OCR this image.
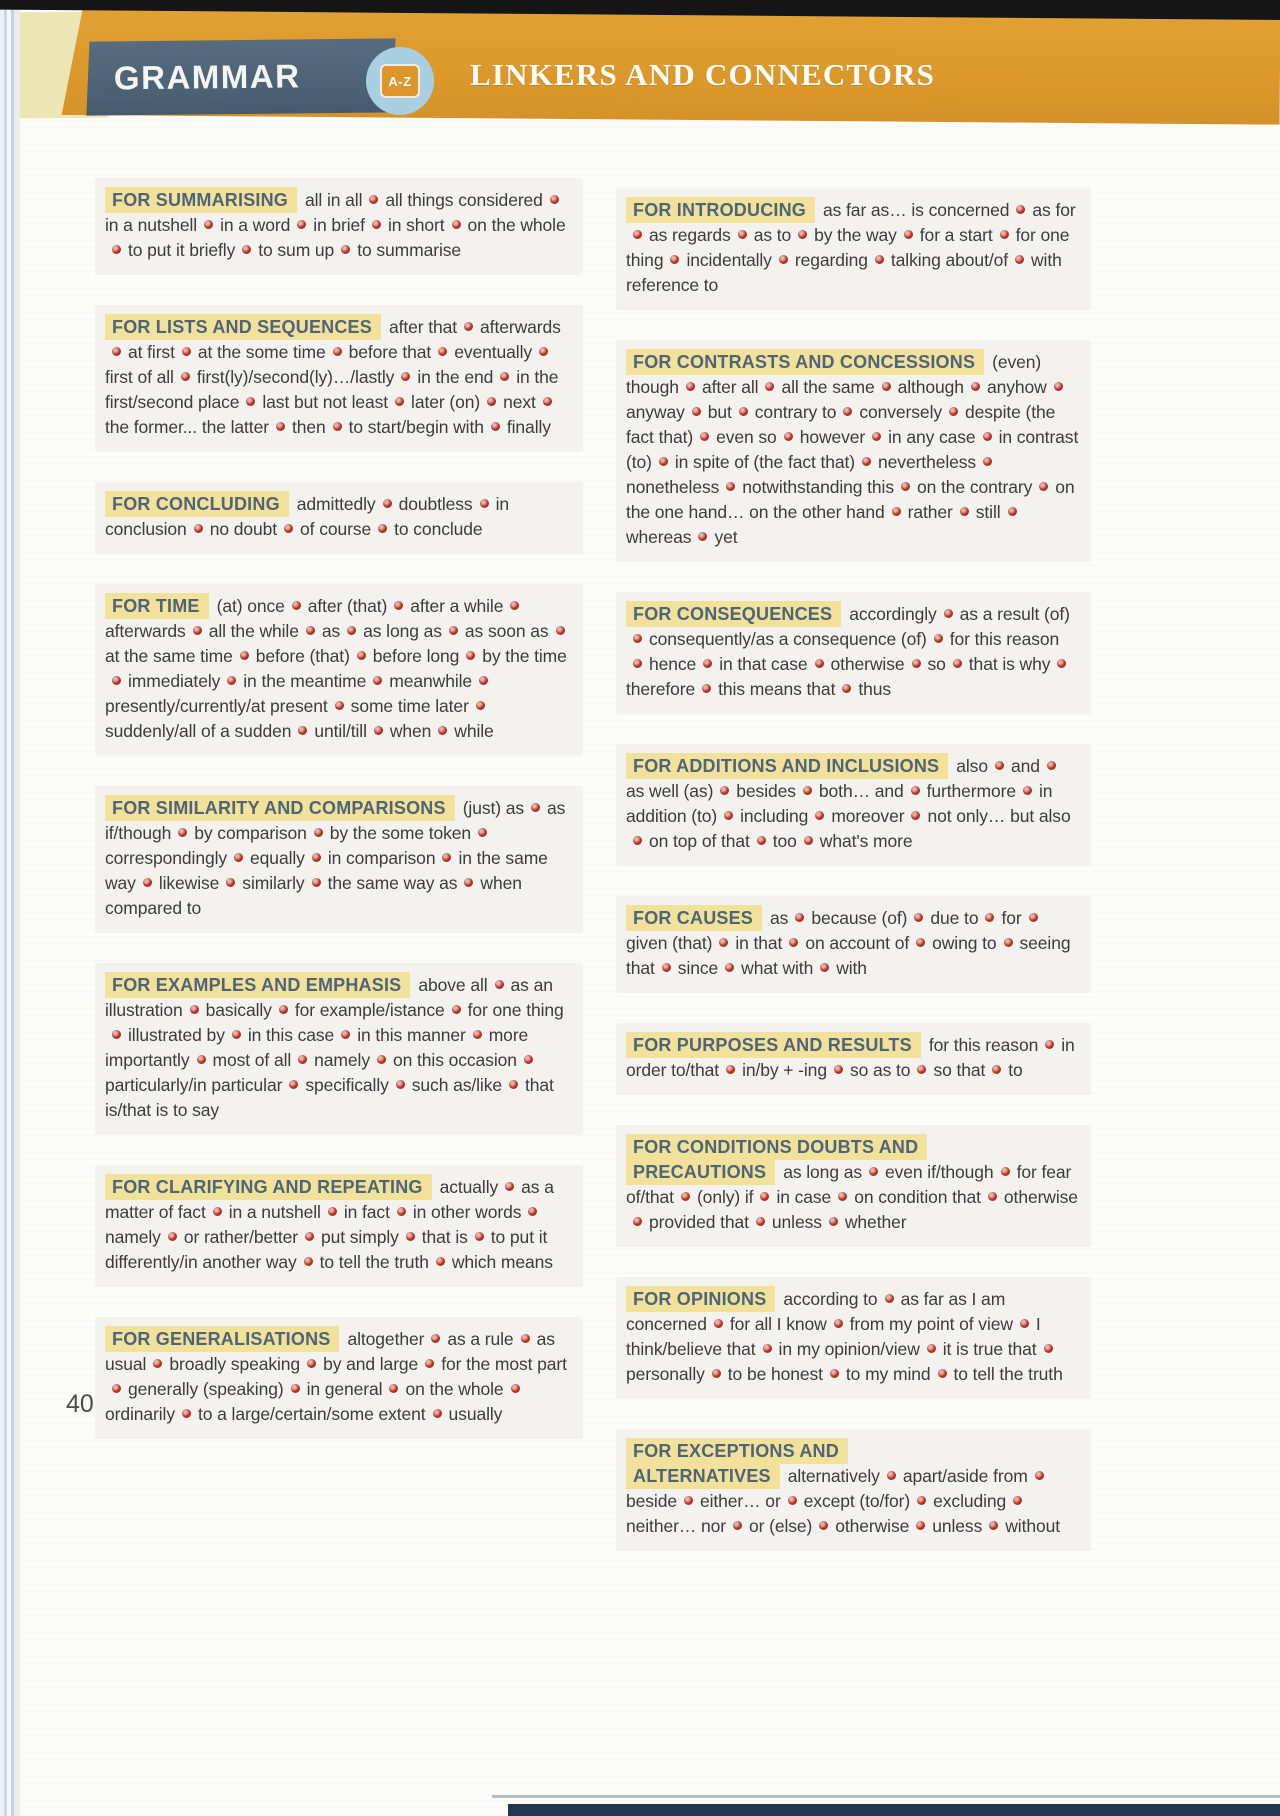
GRAMMAR	A-Z LINKERS AND CONNECTORS

FOR SUMMARISING all in all all things consideredin a nutshell in a word in brief in short on the wholeto put it briefly to sum up to summarise

FOR LISTS AND SEQUENCES after that afterwardsat first at the some time before that eventuallyfirst of all first(ly)/second(ly)…/lastly in the end in the first/second place last but not least later (on) nextthe former... the latter then to start/begin with finally

FOR CONCLUDING admittedly doubtless in conclusion no doubt of course to conclude

FOR TIME (at) once after (that) after a whileafterwards all the while as as long as as soon asat the same time before (that) before long by the timeimmediately in the meantime meanwhilepresently/currently/at present some time latersuddenly/all of a sudden until/till when while

FOR SIMILARITY AND COMPARISONS (just) as as if/though by comparison by the some tokencorrespondingly equally in comparison in the same way likewise similarly the same way as when compared to

FOR EXAMPLES AND EMPHASIS above all as an illustration basically for example/istance for one thingillustrated by in this case in this manner more importantly most of all namely on this occasionparticularly/in particular specifically such as/like that is/that is to say

FOR CLARIFYING AND REPEATING actually as a matter of fact in a nutshell in fact in other wordsnamely or rather/better put simply that is to put it differently/in another way to tell the truth which means

FOR GENERALISATIONS altogether as a rule as usual broadly speaking by and large for the most partgenerally (speaking) in general on the wholeordinarily to a large/certain/some extent usually

FOR INTRODUCING as far as… is concerned as foras regards as to by the way for a start for one thing incidentally regarding talking about/of with reference to

FOR CONTRASTS AND CONCESSIONS (even) though after all all the same although anyhowanyway but contrary to conversely despite (the fact that) even so however in any case in contrast (to) in spite of (the fact that) neverthelessnonetheless notwithstanding this on the contrary on the one hand… on the other hand rather stillwhereas yet

FOR CONSEQUENCES accordingly as a result (of)consequently/as a consequence (of) for this reasonhence in that case otherwise so that is whytherefore this means that thus

FOR ADDITIONS AND INCLUSIONS also andas well (as) besides both… and furthermore in addition (to) including moreover not only… but alsoon top of that too what's more

FOR CAUSES as because (of) due to forgiven (that) in that on account of owing to seeing that since what with with

FOR PURPOSES AND RESULTS for this reason in order to/that in/by + -ing so as to so that to

FOR CONDITIONS DOUBTS AND PRECAUTIONS as long as even if/though for fear of/that (only) if in case on condition that otherwiseprovided that unless whether

FOR OPINIONS according to as far as I am concerned for all I know from my point of view I think/believe that in my opinion/view it is true thatpersonally to be honest to my mind to tell the truth

FOR EXCEPTIONS AND ALTERNATIVES alternatively apart/aside frombeside either… or except (to/for) excludingneither… nor or (else) otherwise unless without

40
